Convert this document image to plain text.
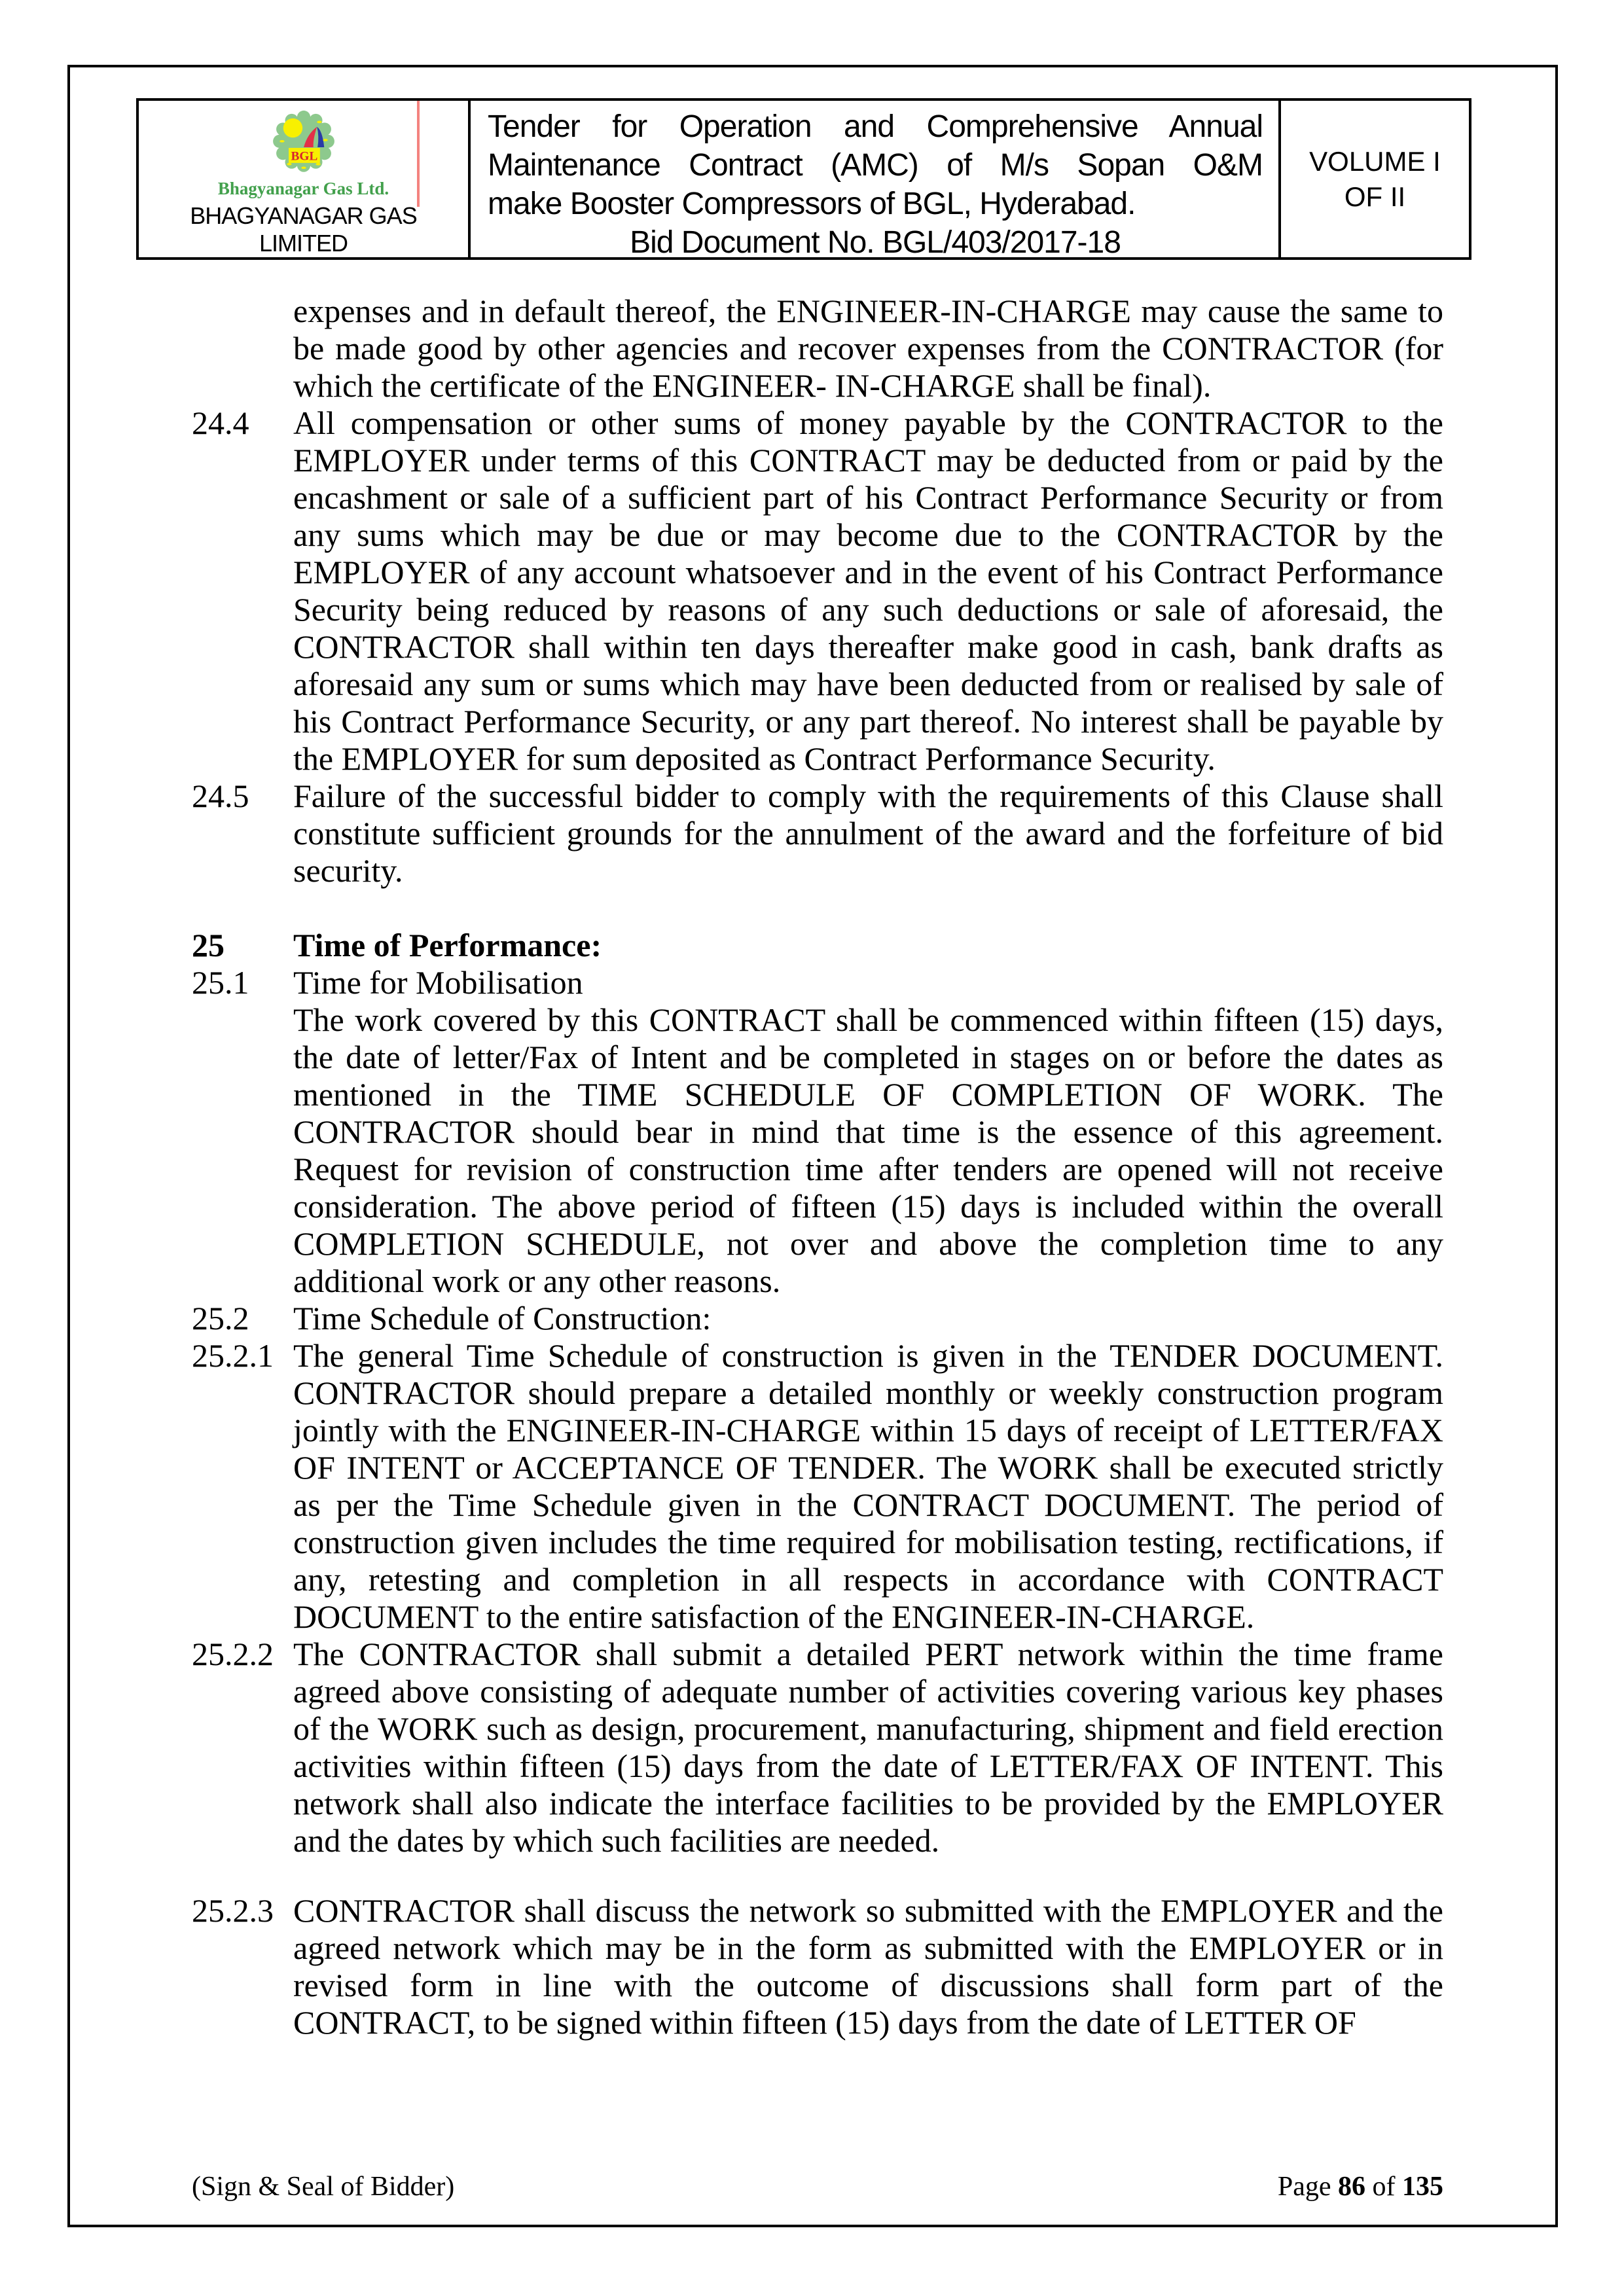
BGL
Bhagyanagar Gas Ltd.
BHAGYANAGAR GAS
LIMITED
Tender for Operation and Comprehensive Annual
Maintenance Contract (AMC) of M/s Sopan O&M
make Booster Compressors of BGL, Hyderabad.
Bid Document No. BGL/403/2017-18
VOLUME I
OF II
expenses and in default thereof, the ENGINEER-IN-CHARGE may cause the same to be made good by other agencies and recover expenses from the CONTRACTOR (for which the certificate of the ENGINEER- IN-CHARGE shall be final).
24.4 All compensation or other sums of money payable by the CONTRACTOR to the EMPLOYER under terms of this CONTRACT may be deducted from or paid by the encashment or sale of a sufficient part of his Contract Performance Security or from any sums which may be due or may become due to the CONTRACTOR by the EMPLOYER of any account whatsoever and in the event of his Contract Performance Security being reduced by reasons of any such deductions or sale of aforesaid, the CONTRACTOR shall within ten days thereafter make good in cash, bank drafts as aforesaid any sum or sums which may have been deducted from or realised by sale of his Contract Performance Security, or any part thereof. No interest shall be payable by the EMPLOYER for sum deposited as Contract Performance Security.
24.5 Failure of the successful bidder to comply with the requirements of this Clause shall constitute sufficient grounds for the annulment of the award and the forfeiture of bid security.
25 Time of Performance:
25.1 Time for Mobilisation
The work covered by this CONTRACT shall be commenced within fifteen (15) days, the date of letter/Fax of Intent and be completed in stages on or before the dates as mentioned in the TIME SCHEDULE OF COMPLETION OF WORK. The CONTRACTOR should bear in mind that time is the essence of this agreement. Request for revision of construction time after tenders are opened will not receive consideration. The above period of fifteen (15) days is included within the overall COMPLETION SCHEDULE, not over and above the completion time to any additional work or any other reasons.
25.2 Time Schedule of Construction:
25.2.1 The general Time Schedule of construction is given in the TENDER DOCUMENT. CONTRACTOR should prepare a detailed monthly or weekly construction program jointly with the ENGINEER-IN-CHARGE within 15 days of receipt of LETTER/FAX OF INTENT or ACCEPTANCE OF TENDER. The WORK shall be executed strictly as per the Time Schedule given in the CONTRACT DOCUMENT. The period of construction given includes the time required for mobilisation testing, rectifications, if any, retesting and completion in all respects in accordance with CONTRACT DOCUMENT to the entire satisfaction of the ENGINEER-IN-CHARGE.
25.2.2 The CONTRACTOR shall submit a detailed PERT network within the time frame agreed above consisting of adequate number of activities covering various key phases of the WORK such as design, procurement, manufacturing, shipment and field erection activities within fifteen (15) days from the date of LETTER/FAX OF INTENT. This network shall also indicate the interface facilities to be provided by the EMPLOYER and the dates by which such facilities are needed.
25.2.3 CONTRACTOR shall discuss the network so submitted with the EMPLOYER and the agreed network which may be in the form as submitted with the EMPLOYER or in revised form in line with the outcome of discussions shall form part of the CONTRACT, to be signed within fifteen (15) days from the date of LETTER OF
(Sign & Seal of Bidder)	Page 86 of 135
